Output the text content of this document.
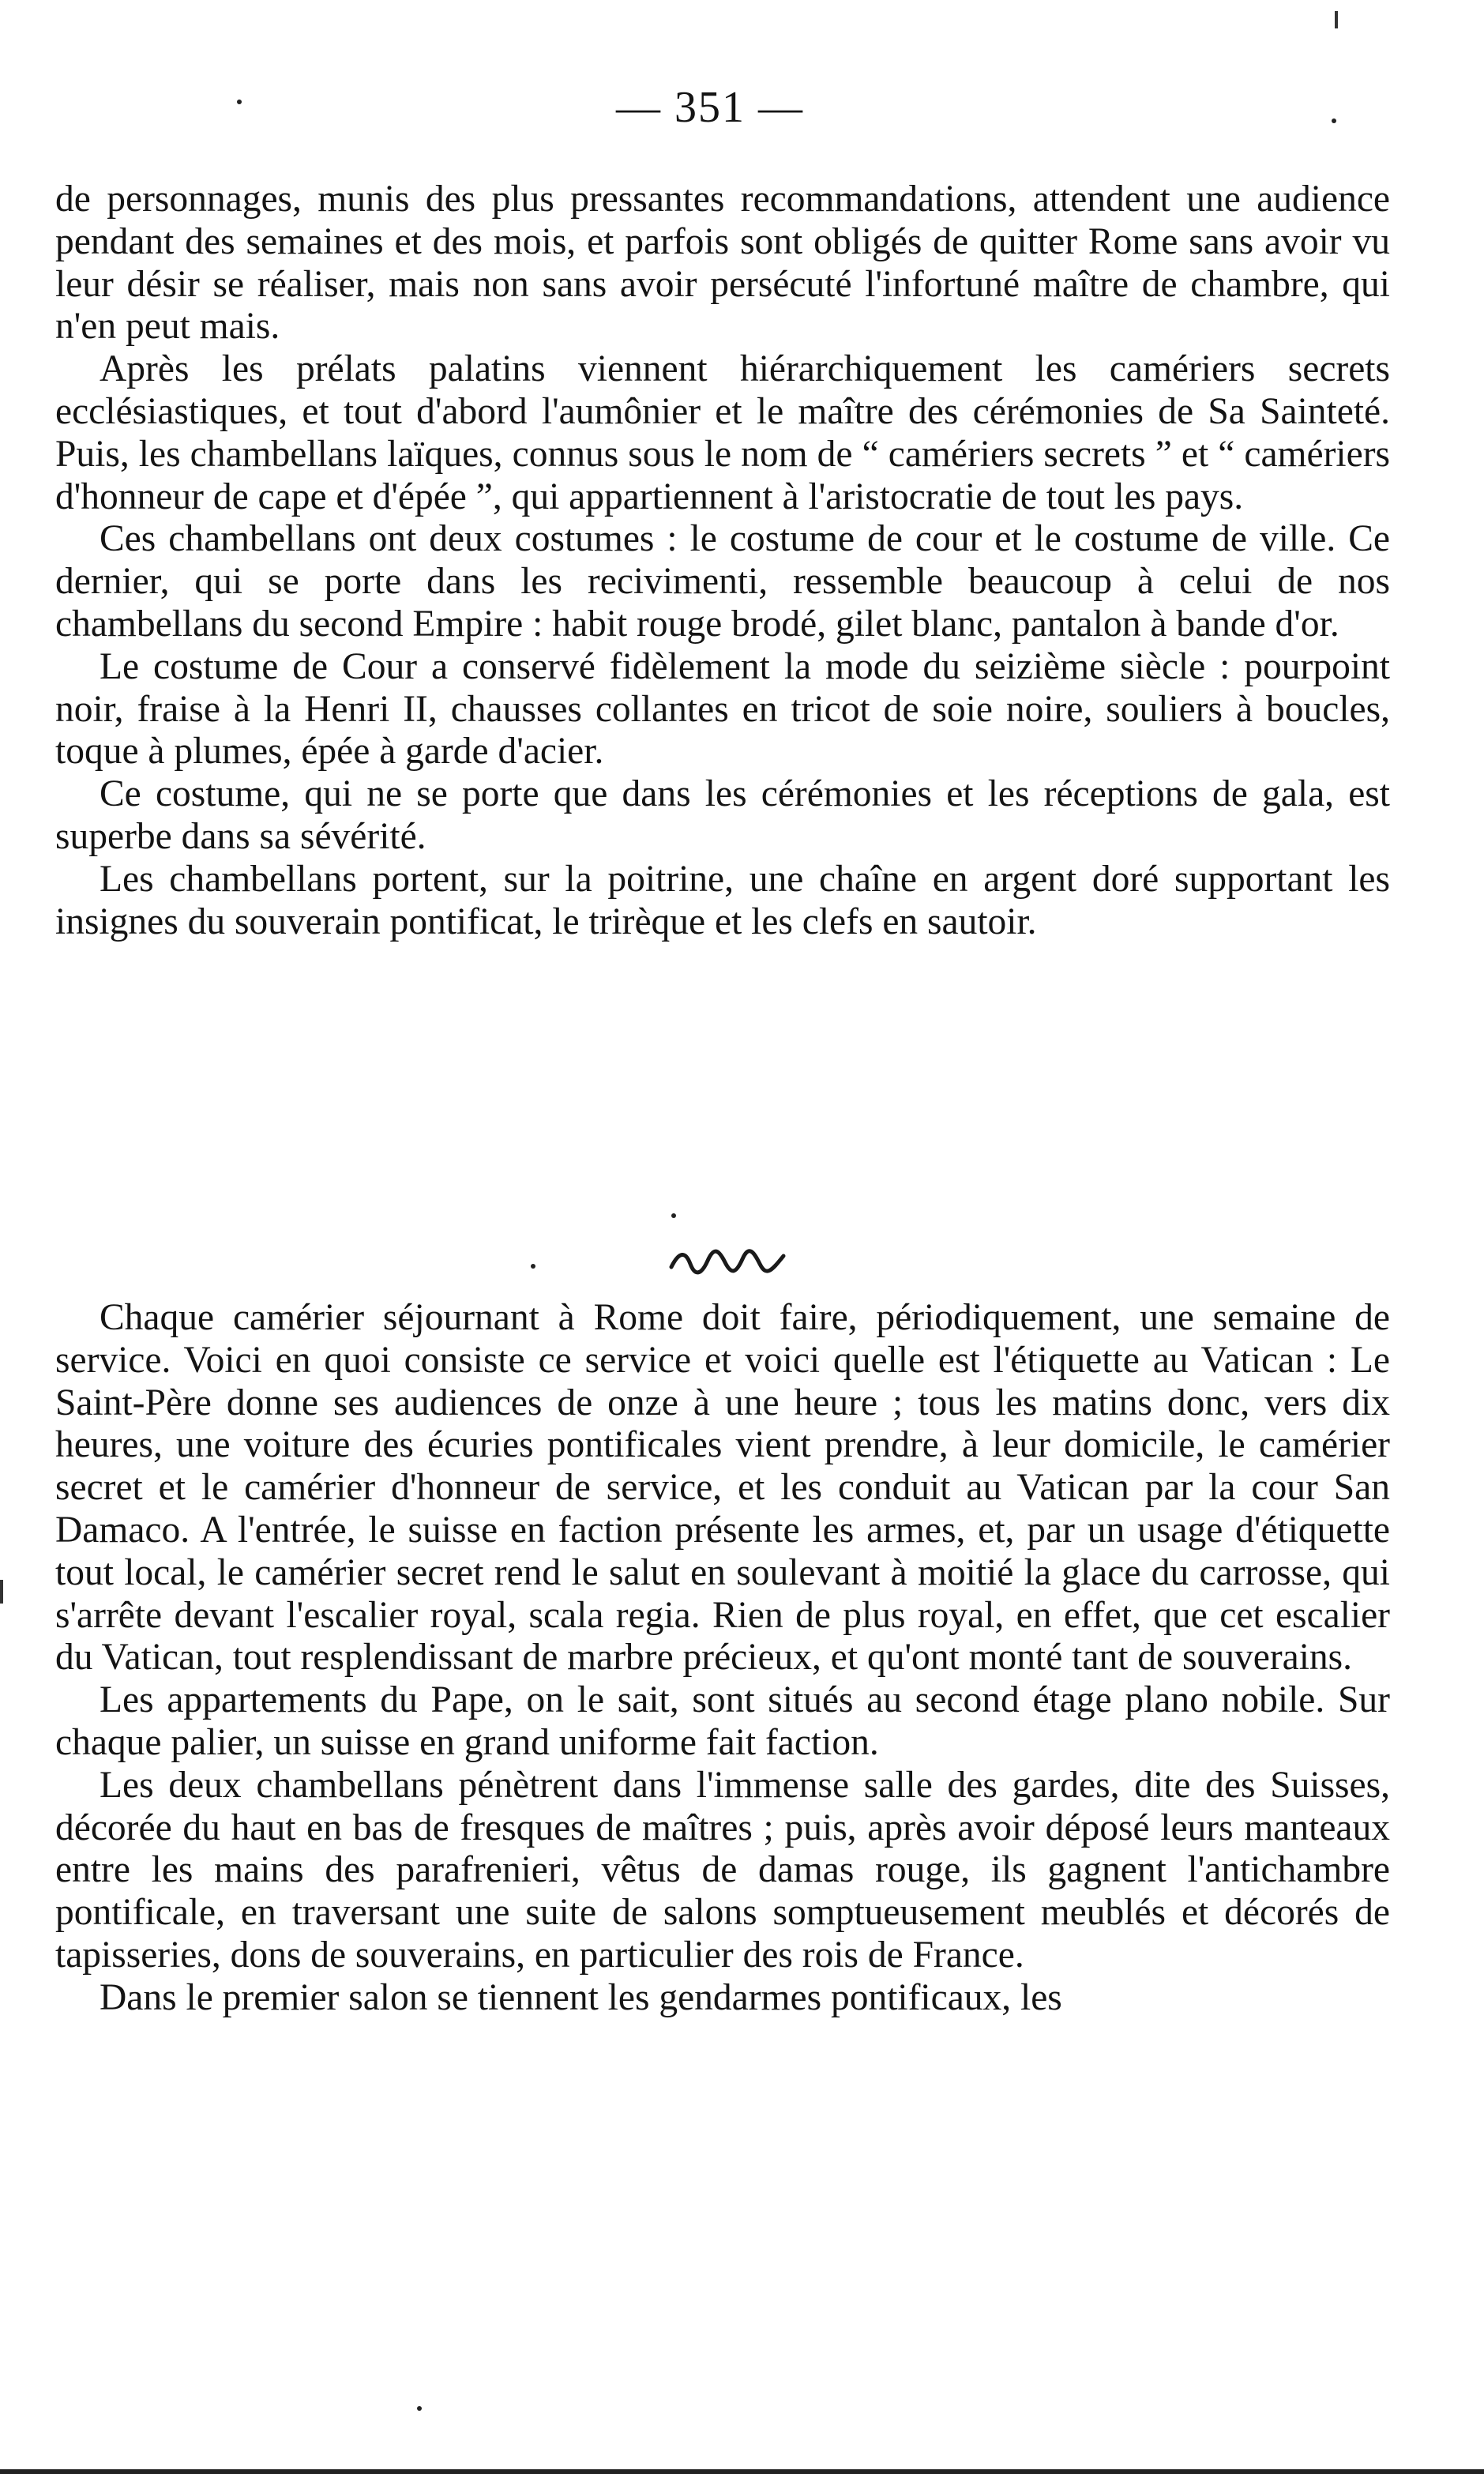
— 351 —

de personnages, munis des plus pressantes recommandations, attendent une audience pendant des semaines et des mois, et parfois sont obligés de quitter Rome sans avoir vu leur désir se réaliser, mais non sans avoir persécuté l'infortuné maître de chambre, qui n'en peut mais.

Après les prélats palatins viennent hiérarchiquement les camériers secrets ecclésiastiques, et tout d'abord l'aumônier et le maître des cérémonies de Sa Sainteté. Puis, les chambellans laïques, connus sous le nom de “ camériers secrets ” et “ camériers d'honneur de cape et d'épée ”, qui appartiennent à l'aristocratie de tout les pays.

Ces chambellans ont deux costumes : le costume de cour et le costume de ville. Ce dernier, qui se porte dans les recivimenti, ressemble beaucoup à celui de nos chambellans du second Empire : habit rouge brodé, gilet blanc, pantalon à bande d'or.

Le costume de Cour a conservé fidèlement la mode du seizième siècle : pourpoint noir, fraise à la Henri II, chausses collantes en tricot de soie noire, souliers à boucles, toque à plumes, épée à garde d'acier.

Ce costume, qui ne se porte que dans les cérémonies et les réceptions de gala, est superbe dans sa sévérité.

Les chambellans portent, sur la poitrine, une chaîne en argent doré supportant les insignes du souverain pontificat, le trirèque et les clefs en sautoir.

Chaque camérier séjournant à Rome doit faire, périodiquement, une semaine de service. Voici en quoi consiste ce service et voici quelle est l'étiquette au Vatican : Le Saint-Père donne ses audiences de onze à une heure ; tous les matins donc, vers dix heures, une voiture des écuries pontificales vient prendre, à leur domicile, le camérier secret et le camérier d'honneur de service, et les conduit au Vatican par la cour San Damaco. A l'entrée, le suisse en faction présente les armes, et, par un usage d'étiquette tout local, le camérier secret rend le salut en soulevant à moitié la glace du carrosse, qui s'arrête devant l'escalier royal, scala regia. Rien de plus royal, en effet, que cet escalier du Vatican, tout resplendissant de marbre précieux, et qu'ont monté tant de souverains.

Les appartements du Pape, on le sait, sont situés au second étage plano nobile. Sur chaque palier, un suisse en grand uniforme fait faction.

Les deux chambellans pénètrent dans l'immense salle des gardes, dite des Suisses, décorée du haut en bas de fresques de maîtres ; puis, après avoir déposé leurs manteaux entre les mains des parafrenieri, vêtus de damas rouge, ils gagnent l'antichambre pontificale, en traversant une suite de salons somptueusement meublés et décorés de tapisseries, dons de souverains, en particulier des rois de France.

Dans le premier salon se tiennent les gendarmes pontificaux, les
